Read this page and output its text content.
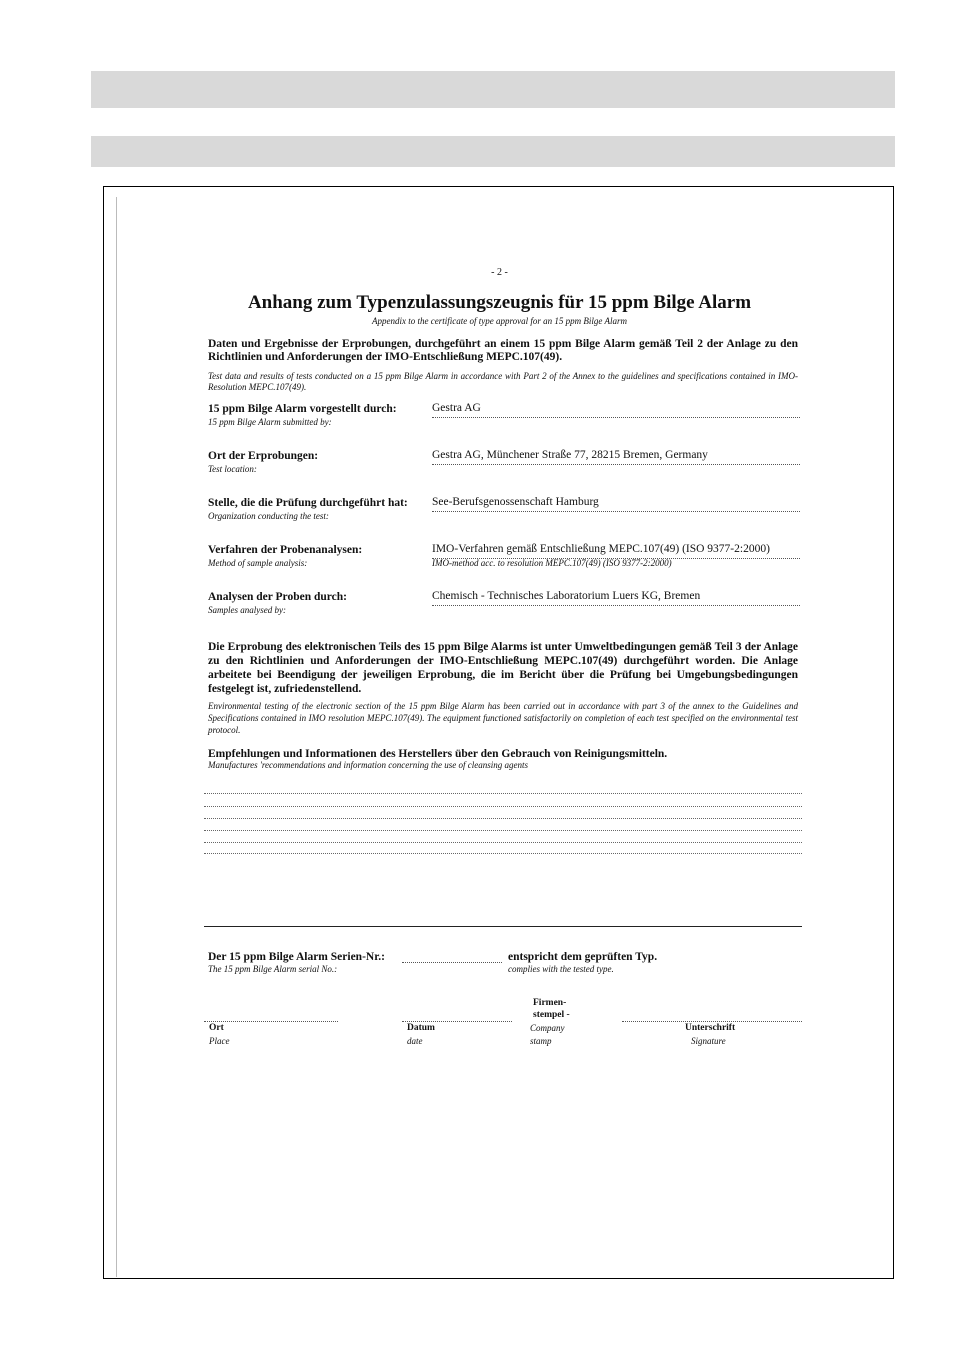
- 2 -
Anhang zum Typenzulassungszeugnis für 15 ppm Bilge Alarm
Appendix to the certificate of type approval for an 15 ppm Bilge Alarm
Daten und Ergebnisse der Erprobungen, durchgeführt an einem 15 ppm Bilge Alarm gemäß Teil 2 der Anlage zu den Richtlinien und Anforderungen der IMO-Entschließung MEPC.107(49).
Test data and results of tests conducted on a 15 ppm Bilge Alarm in accordance with Part 2 of the Annex to the guidelines and specifications contained in IMO-Resolution MEPC.107(49).
15 ppm Bilge Alarm vorgestellt durch:
15 ppm Bilge Alarm submitted by:
Gestra AG
Ort der Erprobungen:
Test location:
Gestra AG, Münchener Straße 77, 28215 Bremen, Germany
Stelle, die die Prüfung durchgeführt hat:
Organization conducting the test:
See-Berufsgenossenschaft Hamburg
Verfahren der Probenanalysen:
Method of sample analysis:
IMO-Verfahren gemäß Entschließung MEPC.107(49) (ISO 9377-2:2000)
IMO-method acc. to resolution MEPC.107(49) (ISO 9377-2:2000)
Analysen der Proben durch:
Samples analysed by:
Chemisch - Technisches Laboratorium Luers KG, Bremen
Die Erprobung des elektronischen Teils des 15 ppm Bilge Alarms ist unter Umweltbedingungen gemäß Teil 3 der Anlage zu den Richtlinien und Anforderungen der IMO-Entschließung MEPC.107(49) durchgeführt worden. Die Anlage arbeitete bei Beendigung der jeweiligen Erprobung, die im Bericht über die Prüfung bei Umgebungsbedingungen festgelegt ist, zufriedenstellend.
Environmental testing of the electronic section of the 15 ppm Bilge Alarm has been carried out in accordance with part 3 of the annex to the Guidelines and Specifications contained in IMO resolution MEPC.107(49). The equipment functioned satisfactorily on completion of each test specified on the environmental test protocol.
Empfehlungen und Informationen des Herstellers über den Gebrauch von Reinigungsmitteln.
Manufactures 'recommendations and information concerning the use of cleansing agents
Der 15 ppm Bilge Alarm Serien-Nr.:
The 15 ppm Bilge Alarm serial No.:
entspricht dem geprüften Typ.
complies with the tested type.
Firmen-
stempel -
Ort
Place
Datum
date
Company
stamp
Unterschrift
Signature
